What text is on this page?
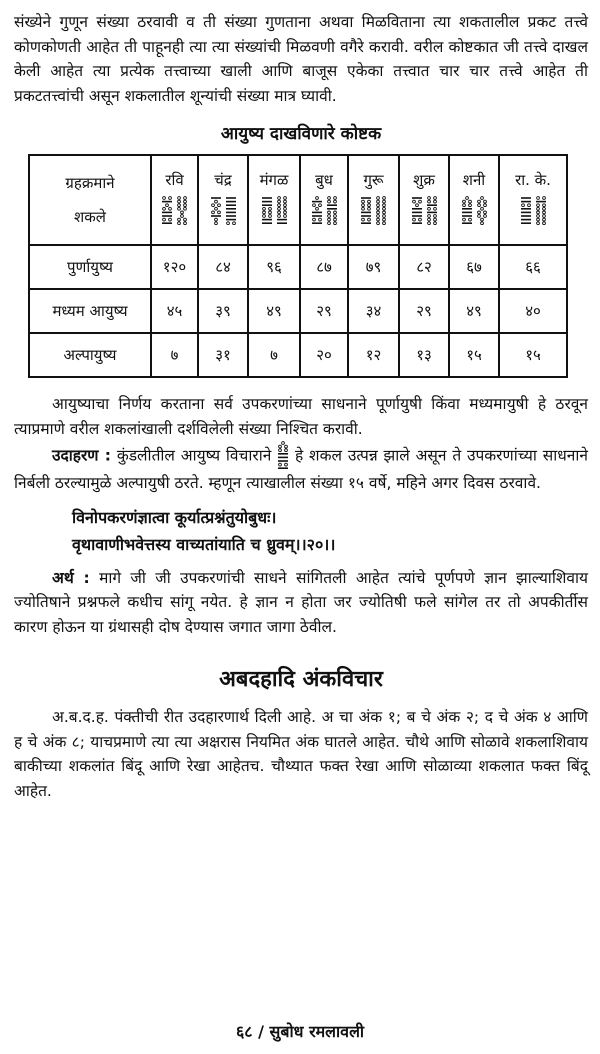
संख्येने गुणून संख्या ठरवावी व ती संख्या गुणताना अथवा मिळविताना त्या शकतालील प्रकट तत्त्वे कोणकोणती आहेत ती पाहूनही त्या त्या संख्यांची मिळवणी वगैरे करावी. वरील कोष्टकात जी तत्त्वे दाखल केली आहेत त्या प्रत्येक तत्त्वाच्या खाली आणि बाजूस एकेका तत्त्वात चार चार तत्त्वे आहेत ती प्रकटतत्त्वांची असून शकलातील शून्यांची संख्या मात्र घ्यावी.

आयुष्य दाखविणारे कोष्टक
ग्रहक्रमाने
शकले	रवि	चंद्र	मंगळ	बुध	गुरू	शुक्र	शनी	रा. के.

पुर्णायुष्य	१२०	८४	९६	८७	७९	८२	६७	६६
मध्यम आयुष्य	४५	३९	४९	२९	३४	२९	४९	४०
अल्पायुष्य	७	३१	७	२०	१२	१३	१५	१५

आयुष्याचा निर्णय करताना सर्व उपकरणांच्या साधनाने पूर्णायुषी किंवा मध्यमायुषी हे ठरवून त्याप्रमाणे वरील शकलांखाली दर्शविलेली संख्या निश्चित करावी.

उदाहरण : कुंडलीतील आयुष्य विचाराने हे शकल उत्पन्न झाले असून ते उपकरणांच्या साधनाने निर्बली ठरल्यामुळे अल्पायुषी ठरते. म्हणून त्याखालील संख्या १५ वर्षे, महिने अगर दिवस ठरवावे.

विनोपकरणंज्ञात्वा कूर्यात्प्रश्नंतुयोबुधः।

वृथावाणीभवेत्तस्य वाच्यतांयाति च ध्रुवम्।।२०।।

अर्थ : मागे जी जी उपकरणांची साधने सांगितली आहेत त्यांचे पूर्णपणे ज्ञान झाल्याशिवाय ज्योतिषाने प्रश्नफले कधीच सांगू नयेत. हे ज्ञान न होता जर ज्योतिषी फले सांगेल तर तो अपकीर्तीस कारण होऊन या ग्रंथासही दोष देण्यास जगात जागा ठेवील.

अबदहादि अंकविचार

अ.ब.द.ह. पंक्तीची रीत उदहारणार्थ दिली आहे. अ चा अंक १; ब चे अंक २; द चे अंक ४ आणि ह चे अंक ८; याचप्रमाणे त्या त्या अक्षरास नियमित अंक घातले आहेत. चौथे आणि सोळावे शकलाशिवाय बाकीच्या शकलांत बिंदू आणि रेखा आहेतच. चौथ्यात फक्त रेखा आणि सोळाव्या शकलात फक्त बिंदू आहेत.

६८ / सुबोध रमलावली
